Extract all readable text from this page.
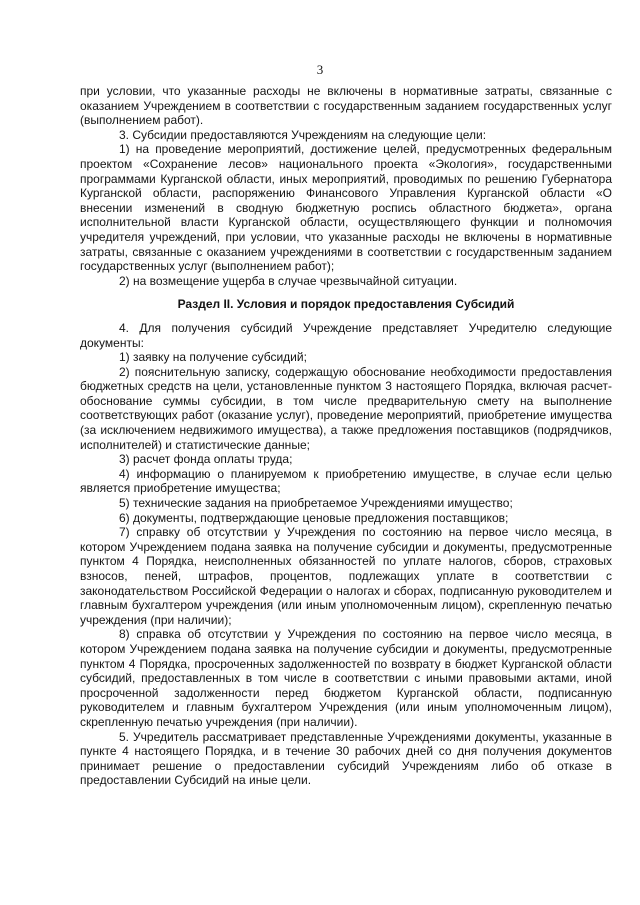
3

при условии, что указанные расходы не включены в нормативные затраты, связанные с оказанием Учреждением в соответствии с государственным заданием государственных услуг (выполнением работ).

3. Субсидии предоставляются Учреждениям на следующие цели:

1) на проведение мероприятий, достижение целей, предусмотренных федеральным проектом «Сохранение лесов» национального проекта «Экология», государственными программами Курганской области, иных мероприятий, проводимых по решению Губернатора Курганской области, распоряжению Финансового Управления Курганской области «О внесении изменений в сводную бюджетную роспись областного бюджета», органа исполнительной власти Курганской области, осуществляющего функции и полномочия учредителя учреждений, при условии, что указанные расходы не включены в нормативные затраты, связанные с оказанием учреждениями в соответствии с государственным заданием государственных услуг (выполнением работ);

2) на возмещение ущерба в случае чрезвычайной ситуации.

Раздел II. Условия и порядок предоставления Субсидий

4. Для получения субсидий Учреждение представляет Учредителю следующие документы:

1) заявку на получение субсидий;

2) пояснительную записку, содержащую обоснование необходимости предоставления бюджетных средств на цели, установленные пунктом 3 настоящего Порядка, включая расчет-обоснование суммы субсидии, в том числе предварительную смету на выполнение соответствующих работ (оказание услуг), проведение мероприятий, приобретение имущества (за исключением недвижимого имущества), а также предложения поставщиков (подрядчиков, исполнителей) и статистические данные;

3) расчет фонда оплаты труда;

4) информацию о планируемом к приобретению имуществе, в случае если целью является приобретение имущества;

5) технические задания на приобретаемое Учреждениями имущество;

6) документы, подтверждающие ценовые предложения поставщиков;

7) справку об отсутствии у Учреждения по состоянию на первое число месяца, в котором Учреждением подана заявка на получение субсидии и документы, предусмотренные пунктом 4 Порядка, неисполненных обязанностей по уплате налогов, сборов, страховых взносов, пеней, штрафов, процентов, подлежащих уплате в соответствии с законодательством Российской Федерации о налогах и сборах, подписанную руководителем и главным бухгалтером учреждения (или иным уполномоченным лицом), скрепленную печатью учреждения (при наличии);

8) справка об отсутствии у Учреждения по состоянию на первое число месяца, в котором Учреждением подана заявка на получение субсидии и документы, предусмотренные пунктом 4 Порядка, просроченных задолженностей по возврату в бюджет Курганской области субсидий, предоставленных в том числе в соответствии с иными правовыми актами, иной просроченной задолженности перед бюджетом Курганской области, подписанную руководителем и главным бухгалтером Учреждения (или иным уполномоченным лицом), скрепленную печатью учреждения (при наличии).

5. Учредитель рассматривает представленные Учреждениями документы, указанные в пункте 4 настоящего Порядка, и в течение 30 рабочих дней со дня получения документов принимает решение о предоставлении субсидий Учреждениям либо об отказе в предоставлении Субсидий на иные цели.
